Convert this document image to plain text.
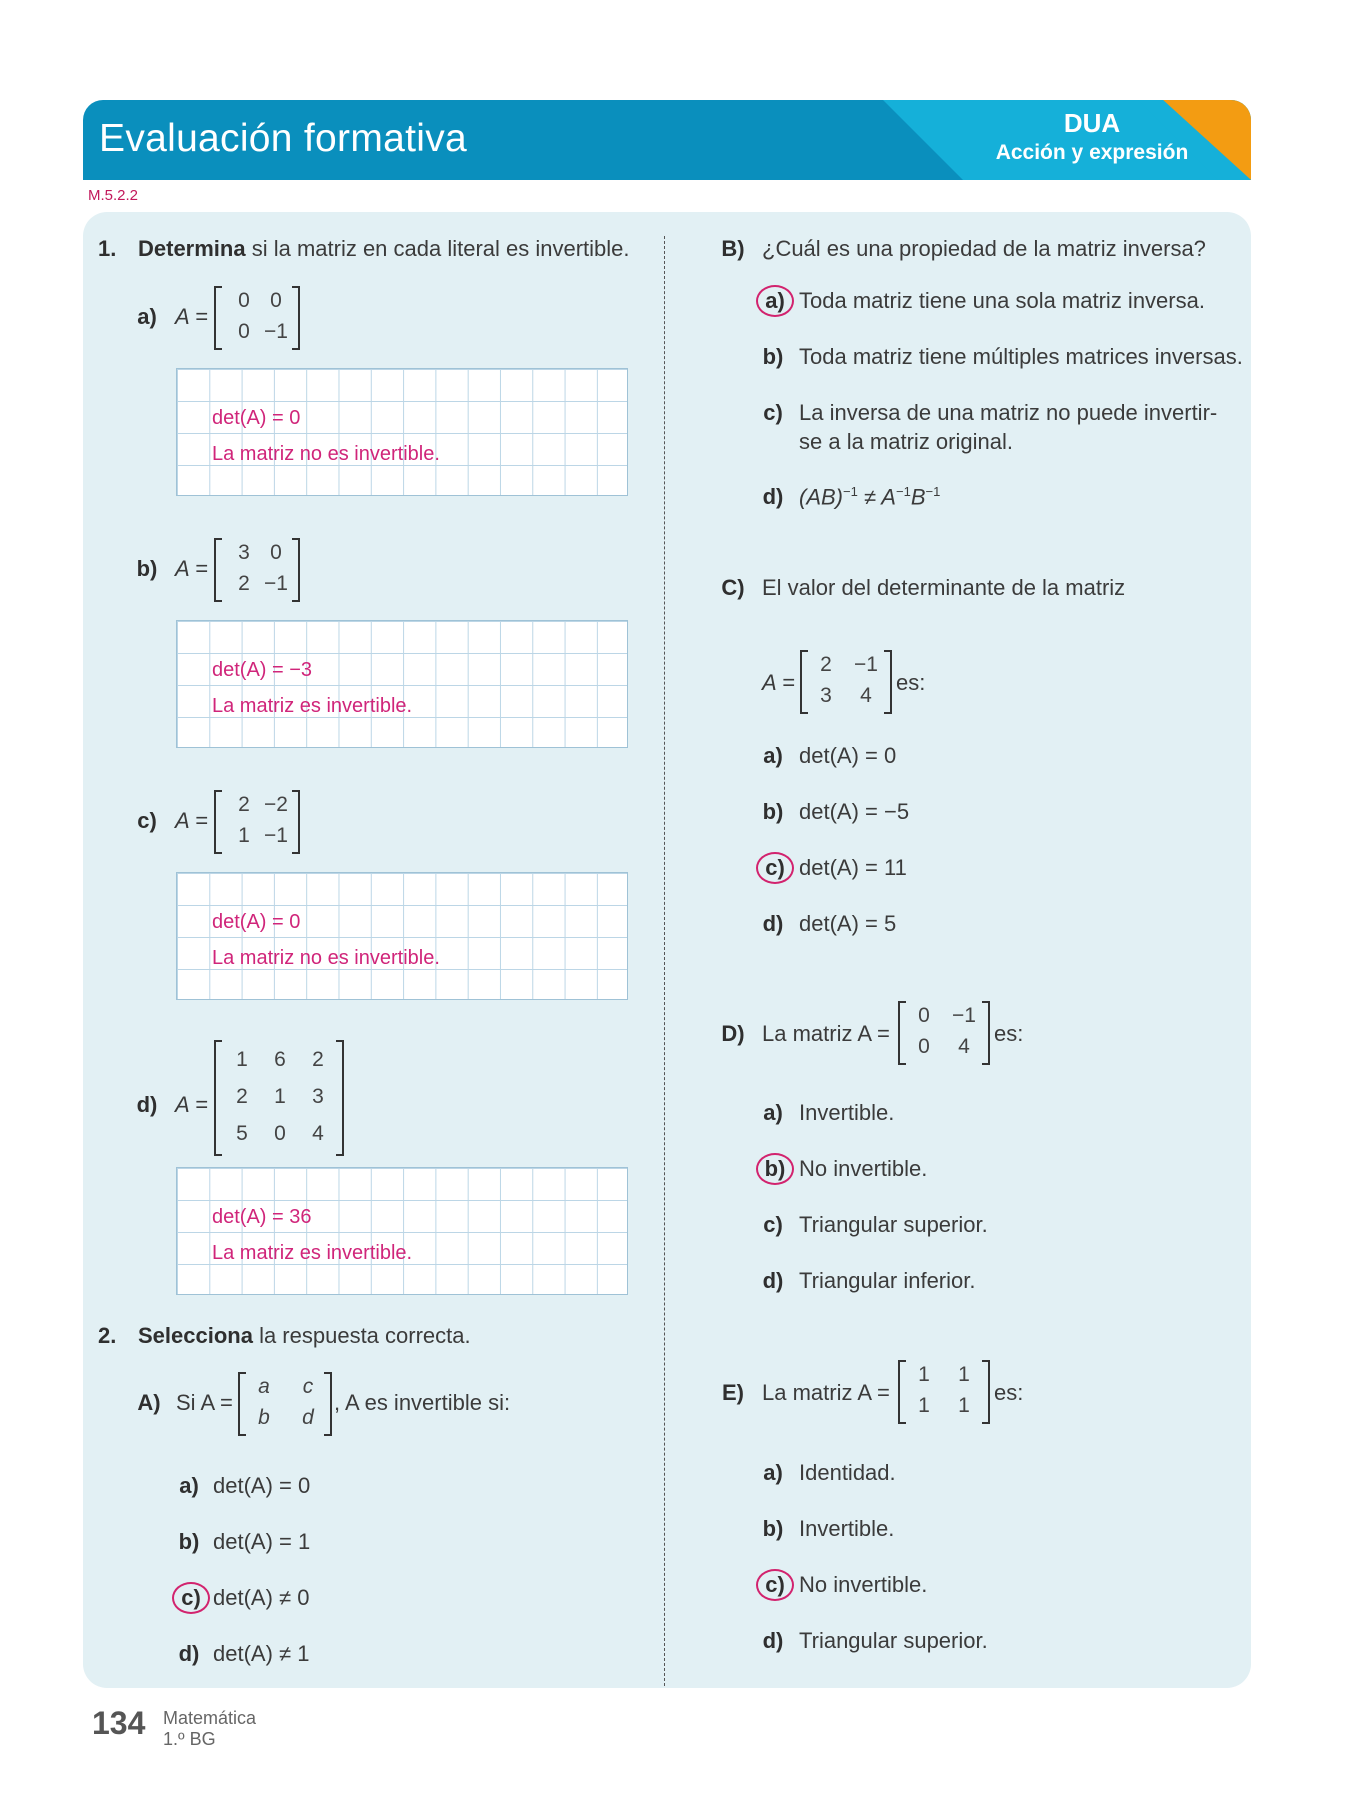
Evaluación formativa	DUA
Acción y expresión
M.5.2.2
1. Determina si la matriz en cada literal es invertible.
a) A =
0 0
0 −1
det(A) = 0
La matriz no es invertible.
b) A =
3 0
2 −1
det(A) = −3
La matriz es invertible.
c) A =
2 −2
1 −1
det(A) = 0
La matriz no es invertible.
d) A =
1 6 2
2 1 3
5 0 4
det(A) = 36
La matriz es invertible.
2. Selecciona la respuesta correcta.
A) Si A =
a	c
b d
, A es invertible si:
a) det(A) = 0
b) det(A) = 1
c) det(A) ≠ 0
d) det(A) ≠ 1
B) ¿Cuál es una propiedad de la matriz inversa?
a) Toda matriz tiene una sola matriz inversa.
b) Toda matriz tiene múltiples matrices inversas.
c) La inversa de una matriz no puede invertir-
se a la matriz original.
d) $(AB)^{-1} \ne A^{-1}B^{-1}$
C) El valor del determinante de la matriz
A =
2 −1
3	4
es:
a) det(A) = 0
b) det(A) = −5
c) det(A) = 11
d) det(A) = 5
D) La matriz A =
0 −1
0	4
es:
a) Invertible.
b) No invertible.
c) Triangular superior.
d) Triangular inferior.
E) La matriz A =
1	1
1	1
es:
a) Identidad.
b) Invertible.
c) No invertible.
d) Triangular superior.
134 Matemática
1.º BG
